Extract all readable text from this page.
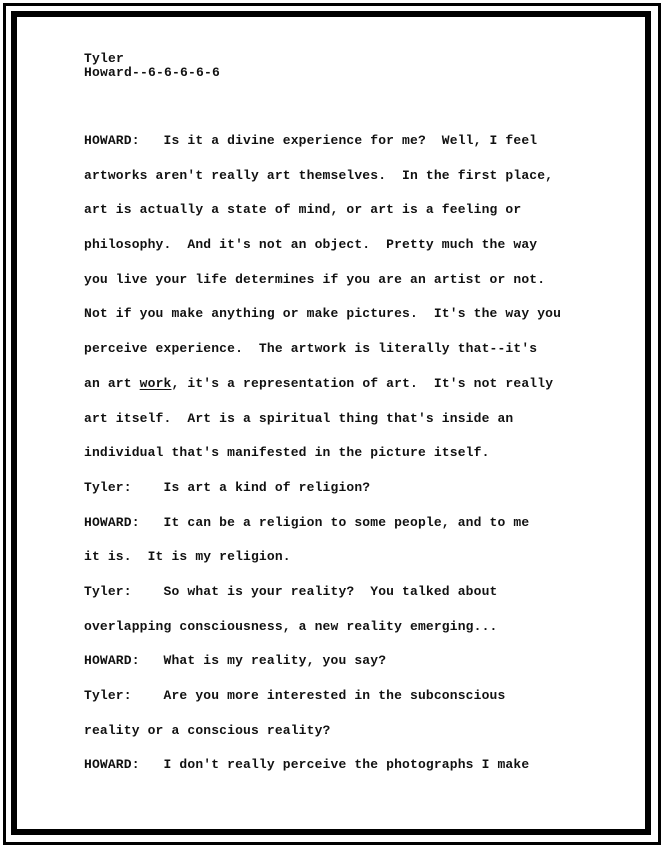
Tyler
Howard--6-6-6-6-6
HOWARD:   Is it a divine experience for me?  Well, I feel
artworks aren't really art themselves.  In the first place,
art is actually a state of mind, or art is a feeling or
philosophy.  And it's not an object.  Pretty much the way
you live your life determines if you are an artist or not.
Not if you make anything or make pictures.  It's the way you
perceive experience.  The artwork is literally that--it's
an art work, it's a representation of art.  It's not really
art itself.  Art is a spiritual thing that's inside an
individual that's manifested in the picture itself.
Tyler:    Is art a kind of religion?
HOWARD:   It can be a religion to some people, and to me
it is.  It is my religion.
Tyler:    So what is your reality?  You talked about
overlapping consciousness, a new reality emerging...
HOWARD:   What is my reality, you say?
Tyler:    Are you more interested in the subconscious
reality or a conscious reality?
HOWARD:   I don't really perceive the photographs I make
